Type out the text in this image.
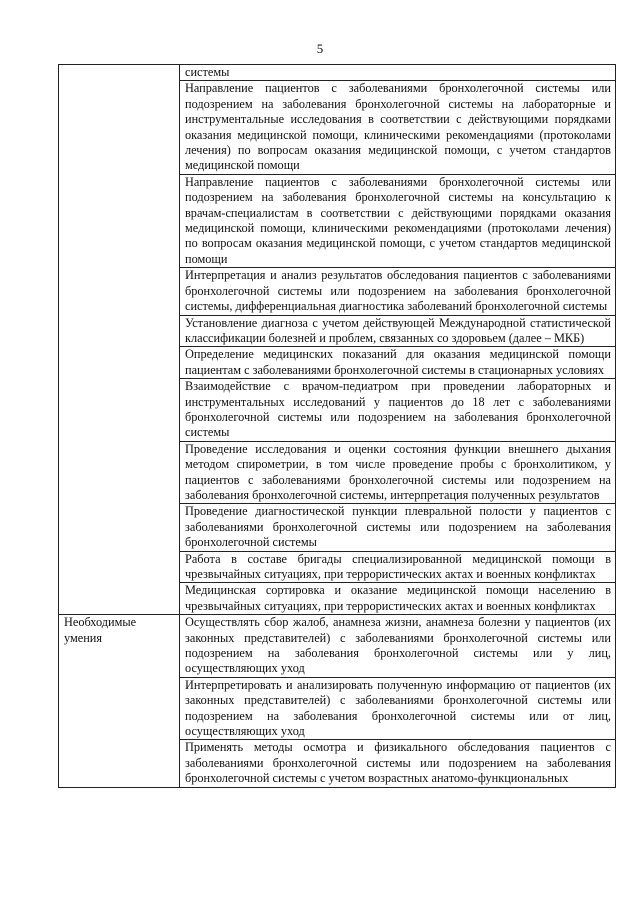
5
	системы
	Направление пациентов с заболеваниями бронхолегочной системы или подозрением на заболевания бронхолегочной системы на лабораторные и инструментальные исследования в соответствии с действующими порядками оказания медицинской помощи, клиническими рекомендациями (протоколами лечения) по вопросам оказания медицинской помощи, с учетом стандартов медицинской помощи
	Направление пациентов с заболеваниями бронхолегочной системы или подозрением на заболевания бронхолегочной системы на консультацию к врачам-специалистам в соответствии с действующими порядками оказания медицинской помощи, клиническими рекомендациями (протоколами лечения) по вопросам оказания медицинской помощи, с учетом стандартов медицинской помощи
	Интерпретация и анализ результатов обследования пациентов с заболеваниями бронхолегочной системы или подозрением на заболевания бронхолегочной системы, дифференциальная диагностика заболеваний бронхолегочной системы
	Установление диагноза с учетом действующей Международной статистической классификации болезней и проблем, связанных со здоровьем (далее – МКБ)
	Определение медицинских показаний для оказания медицинской помощи пациентам с заболеваниями бронхолегочной системы в стационарных условиях
	Взаимодействие с врачом-педиатром при проведении лабораторных и инструментальных исследований у пациентов до 18 лет с заболеваниями бронхолегочной системы или подозрением на заболевания бронхолегочной системы
	Проведение исследования и оценки состояния функции внешнего дыхания методом спирометрии, в том числе проведение пробы с бронхолитиком, у пациентов с заболеваниями бронхолегочной системы или подозрением на заболевания бронхолегочной системы, интерпретация полученных результатов
	Проведение диагностической пункции плевральной полости у пациентов с заболеваниями бронхолегочной системы или подозрением на заболевания бронхолегочной системы
	Работа в составе бригады специализированной медицинской помощи в чрезвычайных ситуациях, при террористических актах и военных конфликтах
	Медицинская сортировка и оказание медицинской помощи населению в чрезвычайных ситуациях, при террористических актах и военных конфликтах
Необходимые умения	Осуществлять сбор жалоб, анамнеза жизни, анамнеза болезни у пациентов (их законных представителей) с заболеваниями бронхолегочной системы или подозрением на заболевания бронхолегочной системы или у лиц, осуществляющих уход
	Интерпретировать и анализировать полученную информацию от пациентов (их законных представителей) с заболеваниями бронхолегочной системы или подозрением на заболевания бронхолегочной системы или от лиц, осуществляющих уход
	Применять методы осмотра и физикального обследования пациентов с заболеваниями бронхолегочной системы или подозрением на заболевания бронхолегочной системы с учетом возрастных анатомо-функциональных
